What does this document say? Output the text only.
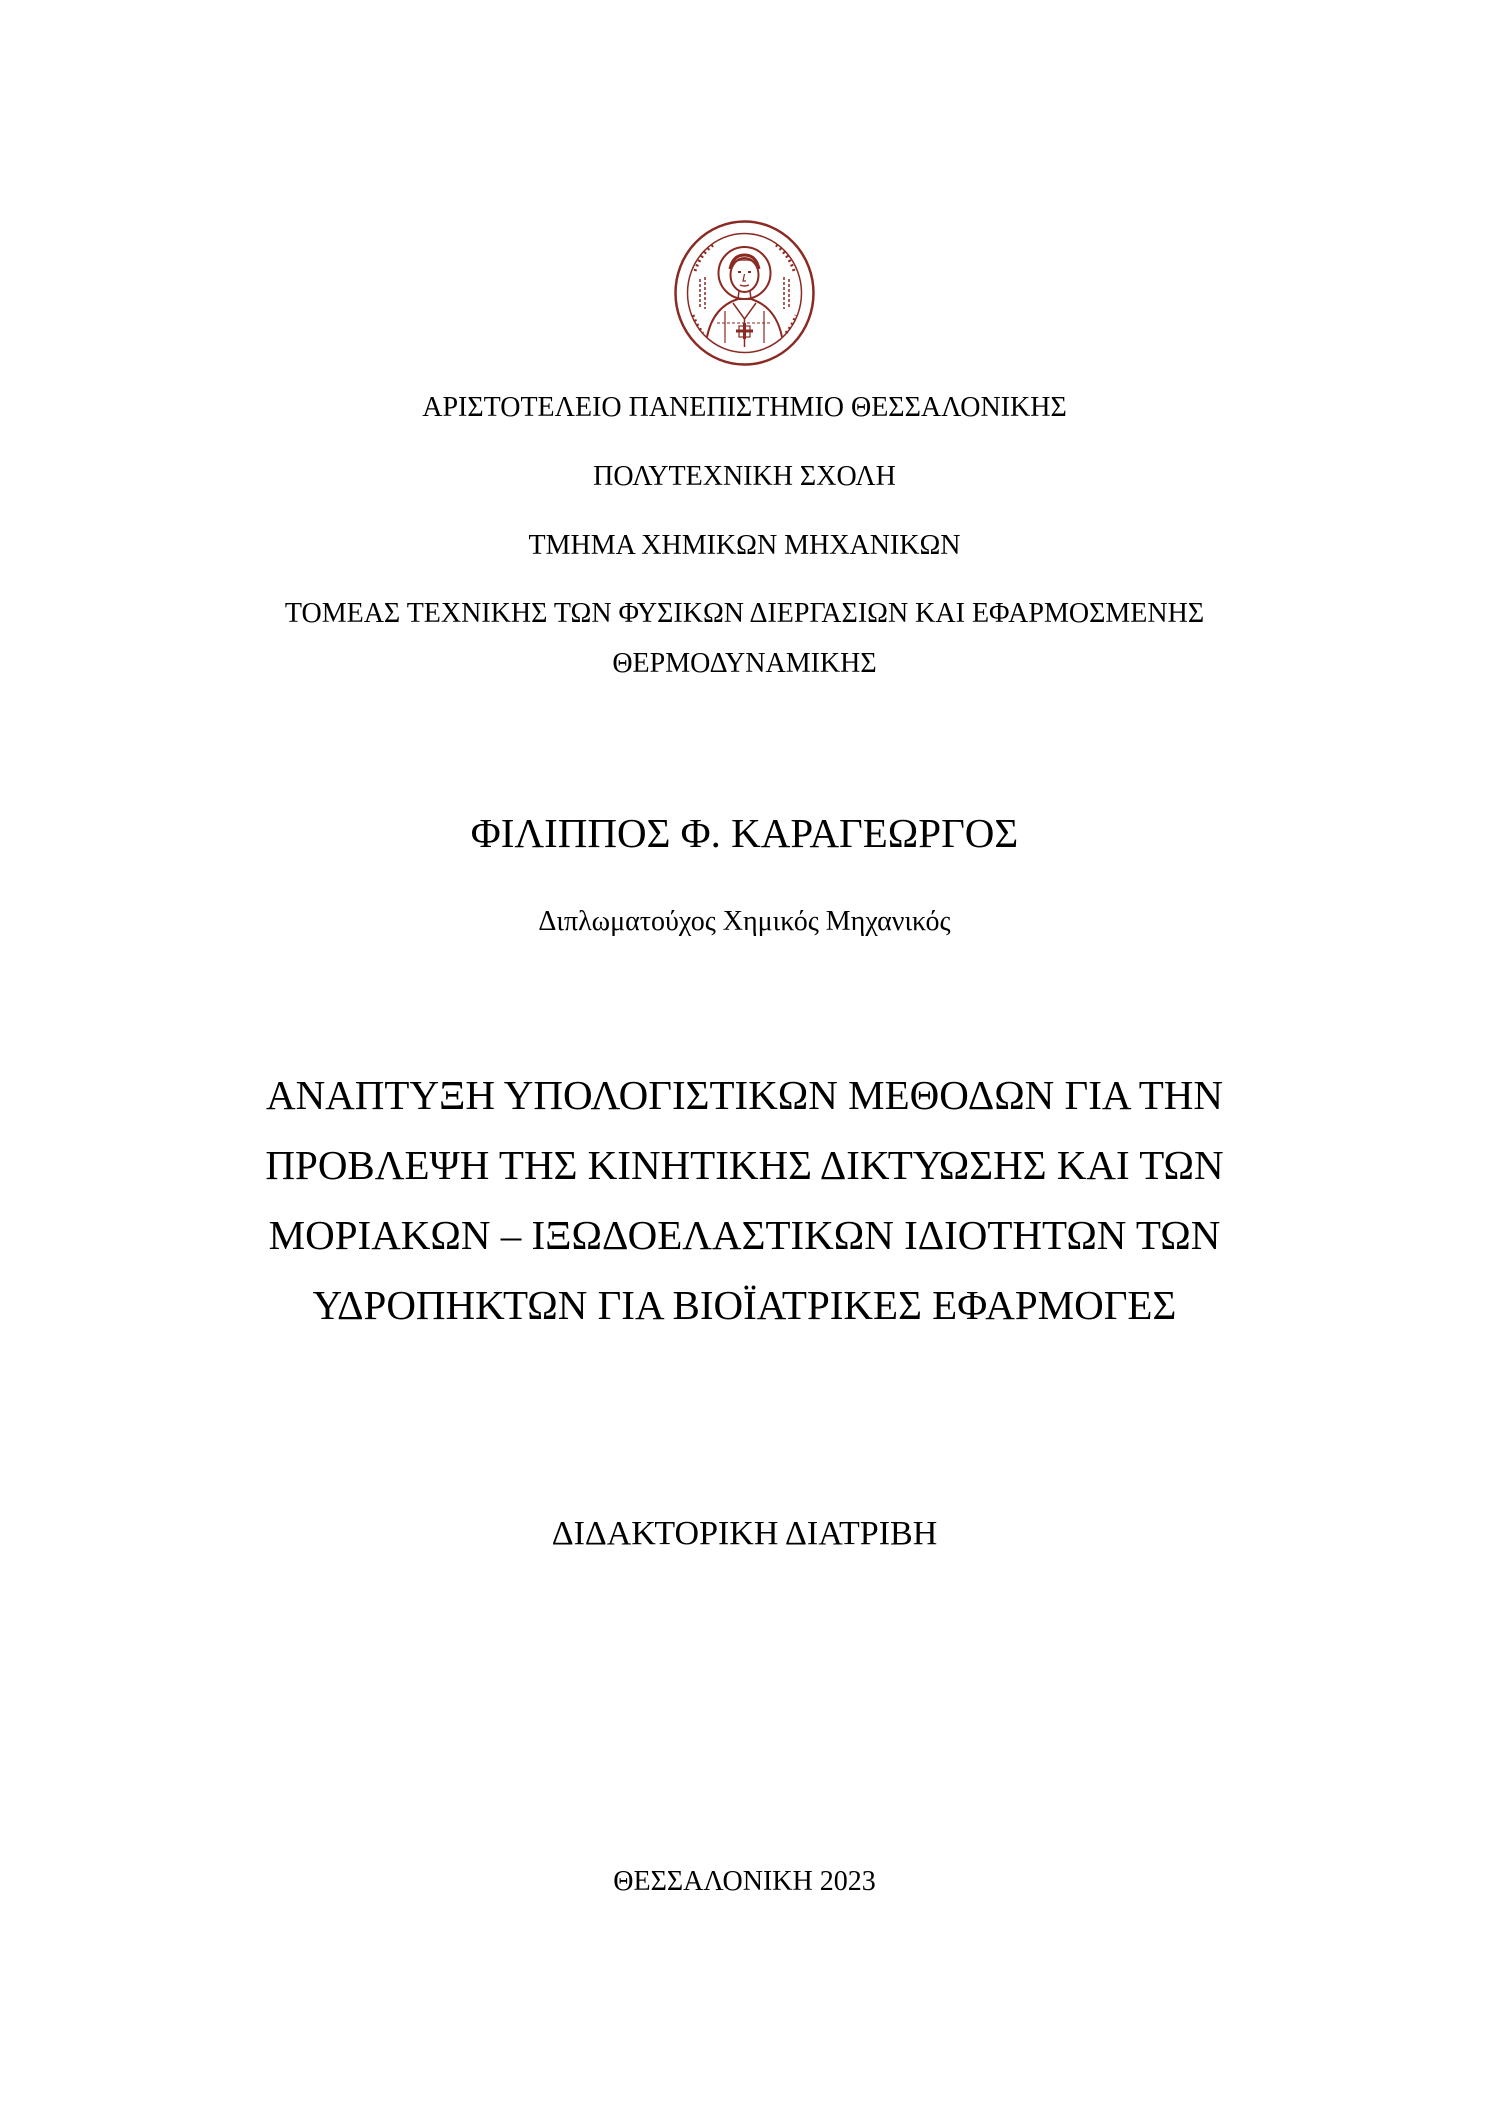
ΑΡΙΣΤΟΤΕΛΕΙΟ ΠΑΝΕΠΙΣΤΗΜΙΟ ΘΕΣΣΑΛΟΝΙΚΗΣ
ΠΟΛΥΤΕΧΝΙΚΗ ΣΧΟΛΗ
ΤΜΗΜΑ ΧΗΜΙΚΩΝ ΜΗΧΑΝΙΚΩΝ
ΤΟΜΕΑΣ ΤΕΧΝΙΚΗΣ ΤΩΝ ΦΥΣΙΚΩΝ ΔΙΕΡΓΑΣΙΩΝ ΚΑΙ ΕΦΑΡΜΟΣΜΕΝΗΣ
ΘΕΡΜΟΔΥΝΑΜΙΚΗΣ
ΦΙΛΙΠΠΟΣ Φ. ΚΑΡΑΓΕΩΡΓΟΣ
Διπλωματούχος Χημικός Μηχανικός
ΑΝΑΠΤΥΞΗ ΥΠΟΛΟΓΙΣΤΙΚΩΝ ΜΕΘΟΔΩΝ ΓΙΑ ΤΗΝ
ΠΡΟΒΛΕΨΗ ΤΗΣ ΚΙΝΗΤΙΚΗΣ ΔΙΚΤΥΩΣΗΣ ΚΑΙ ΤΩΝ
ΜΟΡΙΑΚΩΝ – ΙΞΩΔΟΕΛΑΣΤΙΚΩΝ ΙΔΙΟΤΗΤΩΝ ΤΩΝ
ΥΔΡΟΠΗΚΤΩΝ ΓΙΑ ΒΙΟΪΑΤΡΙΚΕΣ ΕΦΑΡΜΟΓΕΣ
ΔΙΔΑΚΤΟΡΙΚΗ ΔΙΑΤΡΙΒΗ
ΘΕΣΣΑΛΟΝΙΚΗ 2023
